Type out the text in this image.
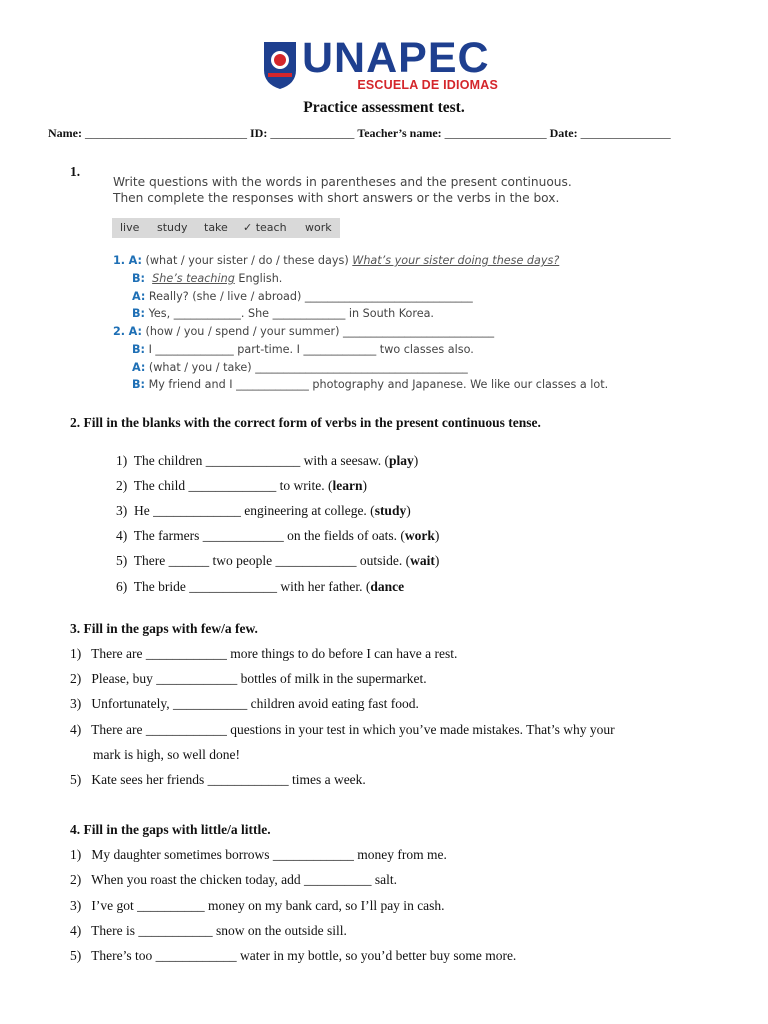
UNAPEC
ESCUELA DE IDIOMAS
Practice assessment test.
Name: ___________________________ ID: ______________ Teacher’s name: _________________ Date: _______________
1.
Write questions with the words in parentheses and the present continuous.
Then complete the responses with short answers or the verbs in the box.
live study take ✓ teach work
1. A: (what / your sister / do / these days) What’s your sister doing these days?
B: She’s teaching English.
A: Really? (she / live / abroad) ______________________________
B: Yes, ____________. She _____________ in South Korea.
2. A: (how / you / spend / your summer) ___________________________
B: I ______________ part-time. I _____________ two classes also.
A: (what / you / take) ______________________________________
B: My friend and I _____________ photography and Japanese. We like our classes a lot.
2. Fill in the blanks with the correct form of verbs in the present continuous tense.
1) The children ______________ with a seesaw. (play)
2) The child _____________ to write. (learn)
3) He _____________ engineering at college. (study)
4) The farmers ____________ on the fields of oats. (work)
5) There ______ two people ____________ outside. (wait)
6) The bride _____________ with her father. (dance
3. Fill in the gaps with few/a few.
1) There are ____________ more things to do before I can have a rest.
2) Please, buy ____________ bottles of milk in the supermarket.
3) Unfortunately, ___________ children avoid eating fast food.
4) There are ____________ questions in your test in which you’ve made mistakes. That’s why your
mark is high, so well done!
5) Kate sees her friends ____________ times a week.
4. Fill in the gaps with little/a little.
1) My daughter sometimes borrows ____________ money from me.
2) When you roast the chicken today, add __________ salt.
3) I’ve got __________ money on my bank card, so I’ll pay in cash.
4) There is ___________ snow on the outside sill.
5) There’s too ____________ water in my bottle, so you’d better buy some more.
